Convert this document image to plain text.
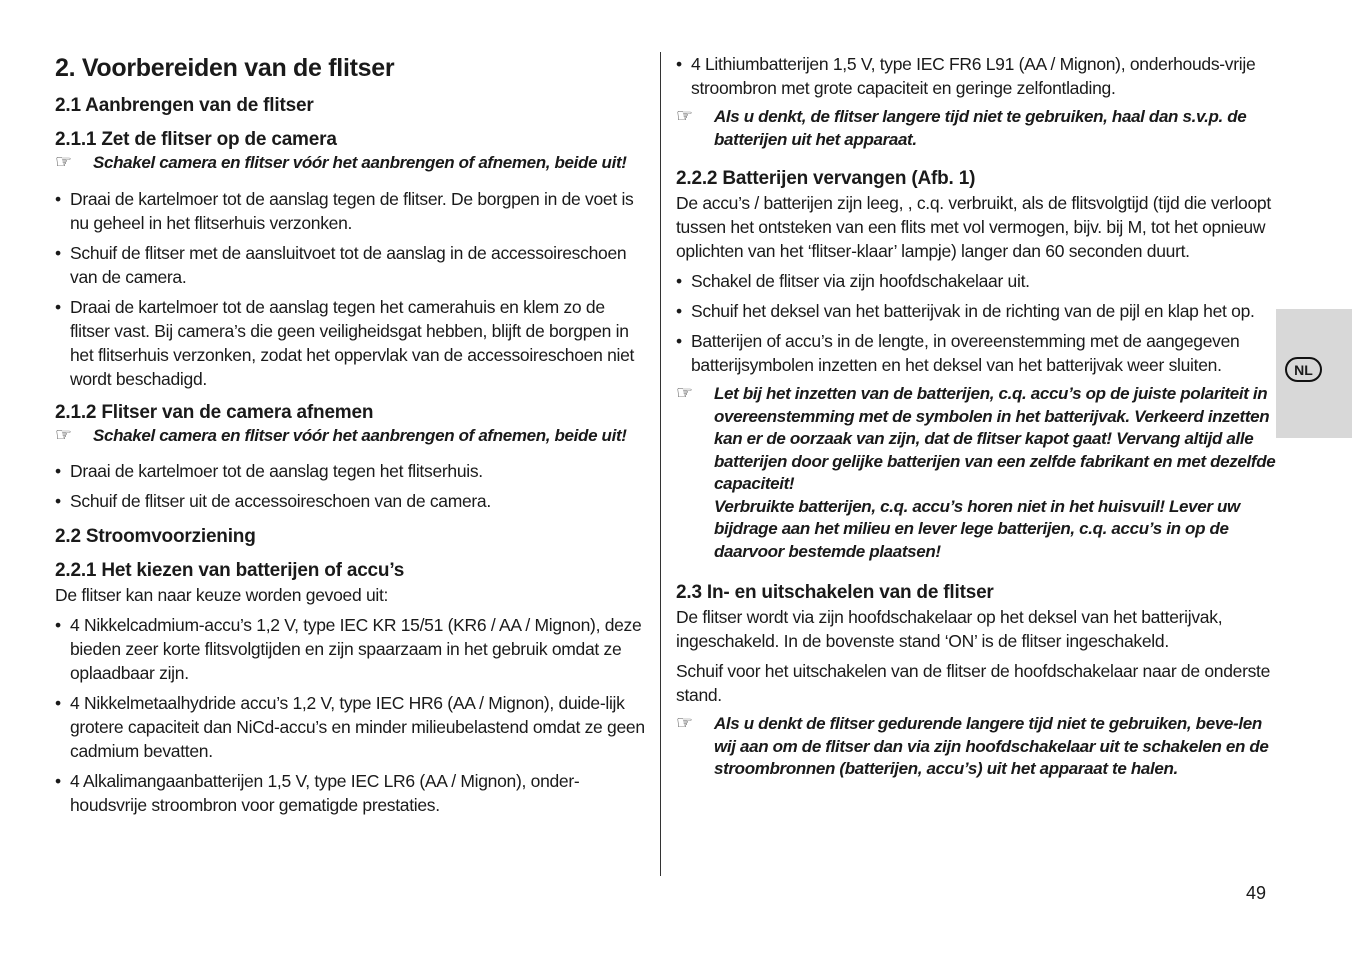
2. Voorbereiden van de flitser
2.1 Aanbrengen van de flitser
2.1.1 Zet de flitser op de camera
☞	Schakel camera en flitser vóór het aanbrengen of afnemen, beide uit!
• Draai de kartelmoer tot de aanslag tegen de flitser. De borgpen in de voet is nu geheel in het flitserhuis verzonken.
• Schuif de flitser met de aansluitvoet tot de aanslag in de accessoireschoen van de camera.
• Draai de kartelmoer tot de aanslag tegen het camerahuis en klem zo de flitser vast. Bij camera’s die geen veiligheidsgat hebben, blijft de borgpen in het flitserhuis verzonken, zodat het oppervlak van de accessoireschoen niet wordt beschadigd.
2.1.2 Flitser van de camera afnemen
☞	Schakel camera en flitser vóór het aanbrengen of afnemen, beide uit!
• Draai de kartelmoer tot de aanslag tegen het flitserhuis.
• Schuif de flitser uit de accessoireschoen van de camera.
2.2 Stroomvoorziening
2.2.1 Het kiezen van batterijen of accu’s

De flitser kan naar keuze worden gevoed uit:

• 4 Nikkelcadmium-accu’s 1,2 V, type IEC KR 15/51 (KR6 / AA / Mignon), deze bieden zeer korte flitsvolgtijden en zijn spaarzaam in het gebruik omdat ze oplaadbaar zijn.
• 4 Nikkelmetaalhydride accu’s 1,2 V, type IEC HR6 (AA / Mignon), duide-lijk grotere capaciteit dan NiCd-accu’s en minder milieubelastend omdat ze geen cadmium bevatten.
• 4 Alkalimangaanbatterijen 1,5 V, type IEC LR6 (AA / Mignon), onder-houdsvrije stroombron voor gematigde prestaties.
• 4 Lithiumbatterijen 1,5 V, type IEC FR6 L91 (AA / Mignon), onderhouds-vrije stroombron met grote capaciteit en geringe zelfontlading.
☞	Als u denkt, de flitser langere tijd niet te gebruiken, haal dan s.v.p. de batterijen uit het apparaat.
2.2.2 Batterijen vervangen (Afb. 1)

De accu’s / batterijen zijn leeg, , c.q. verbruikt, als de flitsvolgtijd (tijd die verloopt tussen het ontsteken van een flits met vol vermogen, bijv. bij M, tot het opnieuw oplichten van het ‘flitser-klaar’ lampje) langer dan 60 seconden duurt.

• Schakel de flitser via zijn hoofdschakelaar uit.
• Schuif het deksel van het batterijvak in de richting van de pijl en klap het op.
• Batterijen of accu’s in de lengte, in overeenstemming met de aangegeven batterijsymbolen inzetten en het deksel van het batterijvak weer sluiten.
☞	Let bij het inzetten van de batterijen, c.q. accu’s op de juiste polariteit in overeenstemming met de symbolen in het batterijvak. Verkeerd inzetten kan er de oorzaak van zijn, dat de flitser kapot gaat! Vervang altijd alle batterijen door gelijke batterijen van een zelfde fabrikant en met dezelfde capaciteit!
Verbruikte batterijen, c.q. accu’s horen niet in het huisvuil! Lever uw bijdrage aan het milieu en lever lege batterijen, c.q. accu’s in op de daarvoor bestemde plaatsen!
2.3 In- en uitschakelen van de flitser

De flitser wordt via zijn hoofdschakelaar op het deksel van het batterijvak, ingeschakeld. In de bovenste stand ‘ON’ is de flitser ingeschakeld.

Schuif voor het uitschakelen van de flitser de hoofdschakelaar naar de onderste stand.

☞	Als u denkt de flitser gedurende langere tijd niet te gebruiken, beve-len wij aan om de flitser dan via zijn hoofdschakelaar uit te schakelen en de stroombronnen (batterijen, accu’s) uit het apparaat te halen.
NL
49
